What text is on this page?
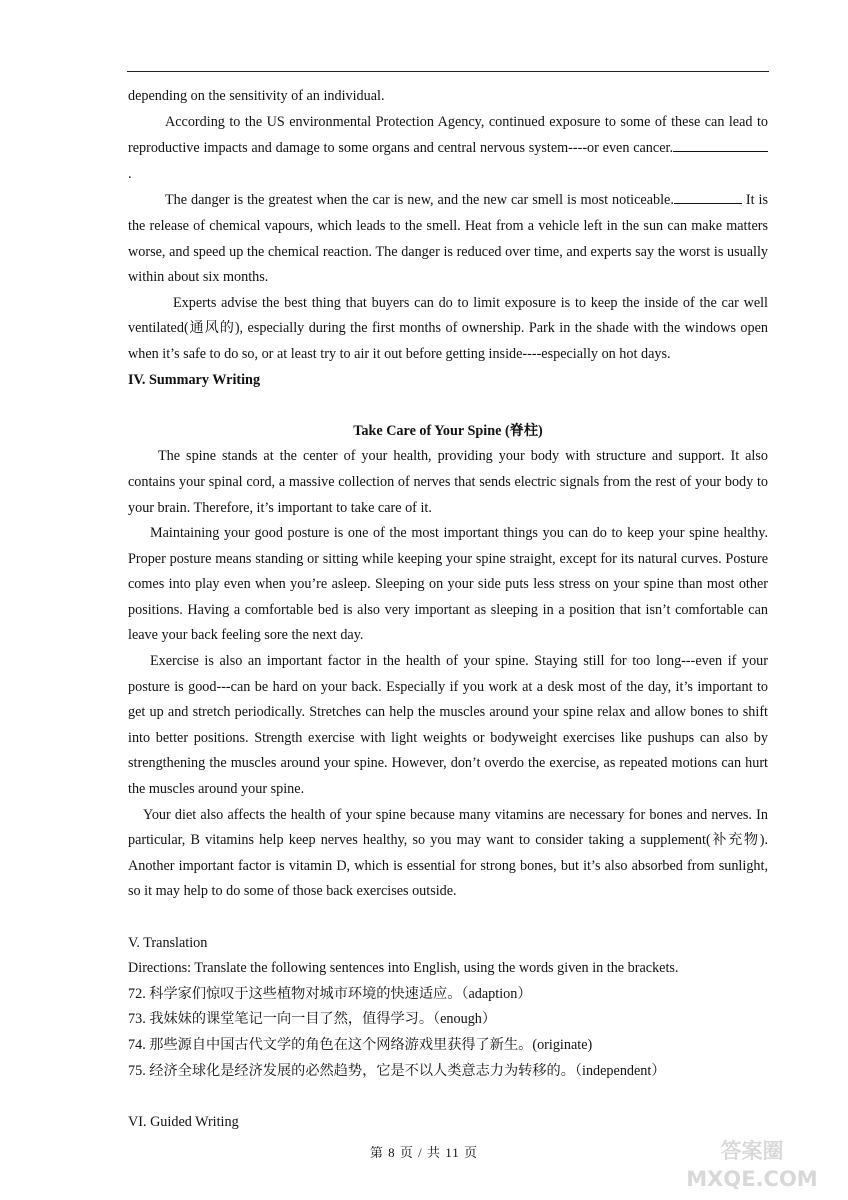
depending on the sensitivity of an individual.

According to the US environmental Protection Agency, continued exposure to some of these can lead to reproductive impacts and damage to some organs and central nervous system----or even cancer..

The danger is the greatest when the car is new, and the new car smell is most noticeable.	It is the release of chemical vapours, which leads to the smell. Heat from a vehicle left in the sun can make matters worse, and speed up the chemical reaction. The danger is reduced over time, and experts say the worst is usually within about six months.

Experts advise the best thing that buyers can do to limit exposure is to keep the inside of the car well ventilated(通风的), especially during the first months of ownership. Park in the shade with the windows open when it’s safe to do so, or at least try to air it out before getting inside----especially on hot days.

IV. Summary Writing

Take Care of Your Spine (脊柱)

The spine stands at the center of your health, providing your body with structure and support. It also contains your spinal cord, a massive collection of nerves that sends electric signals from the rest of your body to your brain. Therefore, it’s important to take care of it.

Maintaining your good posture is one of the most important things you can do to keep your spine healthy. Proper posture means standing or sitting while keeping your spine straight, except for its natural curves. Posture comes into play even when you’re asleep. Sleeping on your side puts less stress on your spine than most other positions. Having a comfortable bed is also very important as sleeping in a position that isn’t comfortable can leave your back feeling sore the next day.

Exercise is also an important factor in the health of your spine. Staying still for too long---even if your posture is good---can be hard on your back. Especially if you work at a desk most of the day, it’s important to get up and stretch periodically. Stretches can help the muscles around your spine relax and allow bones to shift into better positions. Strength exercise with light weights or bodyweight exercises like pushups can also by strengthening the muscles around your spine. However, don’t overdo the exercise, as repeated motions can hurt the muscles around your spine.

Your diet also affects the health of your spine because many vitamins are necessary for bones and nerves. In particular, B vitamins help keep nerves healthy, so you may want to consider taking a supplement(补充物). Another important factor is vitamin D, which is essential for strong bones, but it’s also absorbed from sunlight, so it may help to do some of those back exercises outside.

V. Translation

Directions: Translate the following sentences into English, using the words given in the brackets.

72. 科学家们惊叹于这些植物对城市环境的快速适应。（adaption）

73. 我妹妹的课堂笔记一向一目了然，值得学习。（enough）

74. 那些源自中国古代文学的角色在这个网络游戏里获得了新生。(originate)

75. 经济全球化是经济发展的必然趋势，它是不以人类意志力为转移的。（independent）

VI. Guided Writing

第 8 页 / 共 11 页	答案圈
MXQE.COM
